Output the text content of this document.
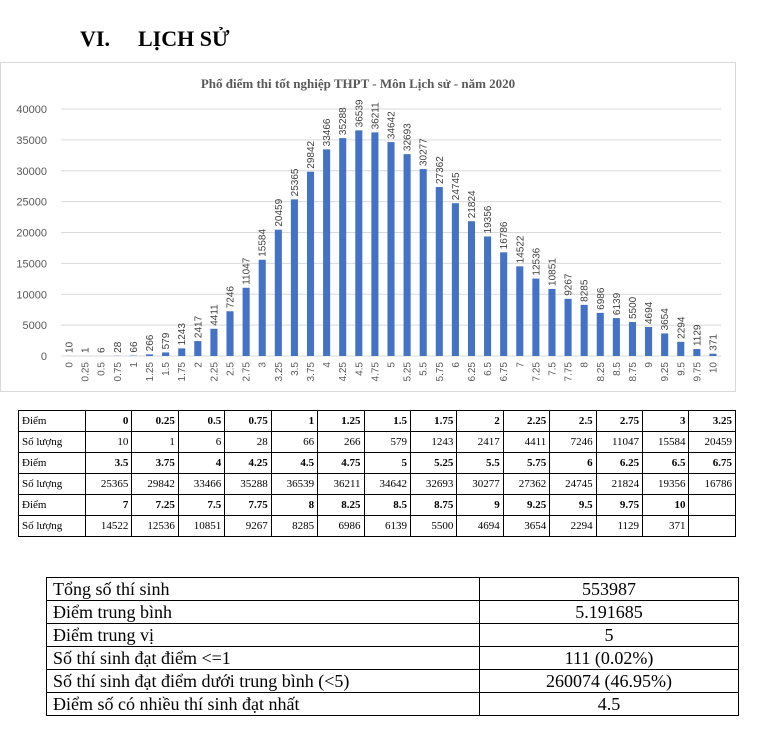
VI. LỊCH SỬ
Phổ điểm thi tốt nghiệp THPT - Môn Lịch sử - năm 2020
0
5000
10000
15000
20000
25000
30000
35000
40000
10
0
1
0.25
6
0.5
28
0.75
66
1
266
1.25
579
1.5
1243
1.75
2417
2
4411
2.25
7246
2.5
11047
2.75
15584
3
20459
3.25
25365
3.5
29842
3.75
33466
4
35288
4.25
36539
4.5
36211
4.75
34642
5
32693
5.25
30277
5.5
27362
5.75
24745
6
21824
6.25
19356
6.5
16786
6.75
14522
7
12536
7.25
10851
7.5
9267
7.75
8285
8
6986
8.25
6139
8.5
5500
8.75
4694
9
3654
9.25
2294
9.5
1129
9.75
371
10
Điểm	0	0.25	0.5	0.75	1	1.25	1.5	1.75	2	2.25	2.5	2.75	3	3.25
Số lượng	10	1	6	28	66	266	579	1243	2417	4411	7246	11047	15584	20459
Điểm	3.5	3.75	4	4.25	4.5	4.75	5	5.25	5.5	5.75	6	6.25	6.5	6.75
Số lượng	25365	29842	33466	35288	36539	36211	34642	32693	30277	27362	24745	21824	19356	16786
Điểm	7	7.25	7.5	7.75	8	8.25	8.5	8.75	9	9.25	9.5	9.75	10	
Số lượng	14522	12536	10851	9267	8285	6986	6139	5500	4694	3654	2294	1129	371	
Tổng số thí sinh	553987
Điểm trung bình	5.191685
Điểm trung vị	5
Số thí sinh đạt điểm <=1	111 (0.02%)
Số thí sinh đạt điểm dưới trung bình (<5)	260074 (46.95%)
Điểm số có nhiều thí sinh đạt nhất	4.5
